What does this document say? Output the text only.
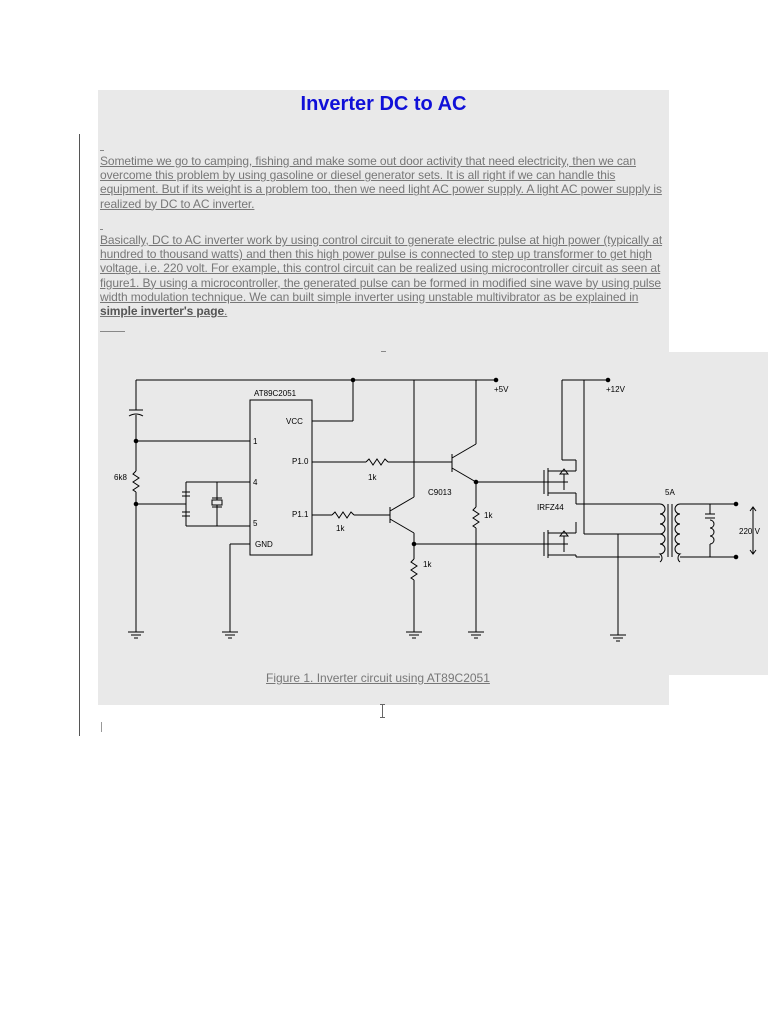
Inverter DC to AC
Sometime we go to camping, fishing and make some out door activity that need electricity, then we can overcome this problem by using gasoline or diesel generator sets. It is all right if we can handle this equipment. But if its weight is a problem too, then we need light AC power supply. A light AC power supply is realized by DC to AC inverter.
Basically, DC to AC inverter work by using control circuit to generate electric pulse at high power (typically at hundred to thousand watts) and then this high power pulse is connected to step up transformer to get high voltage, i.e. 220 volt. For example, this control circuit can be realized using microcontroller circuit as seen at figure1. By using a microcontroller, the generated pulse can be formed in modified sine wave by using pulse width modulation technique. We can built simple inverter using unstable multivibrator as be explained in simple inverter's page.
AT89C2051
VCC
1
4
5
GND
P1.0
P1.1
6k8	1k
1k
1k
1k
C9013
IRFZ44
+5V	+12V
5A
220 V
Figure 1. Inverter circuit using AT89C2051
